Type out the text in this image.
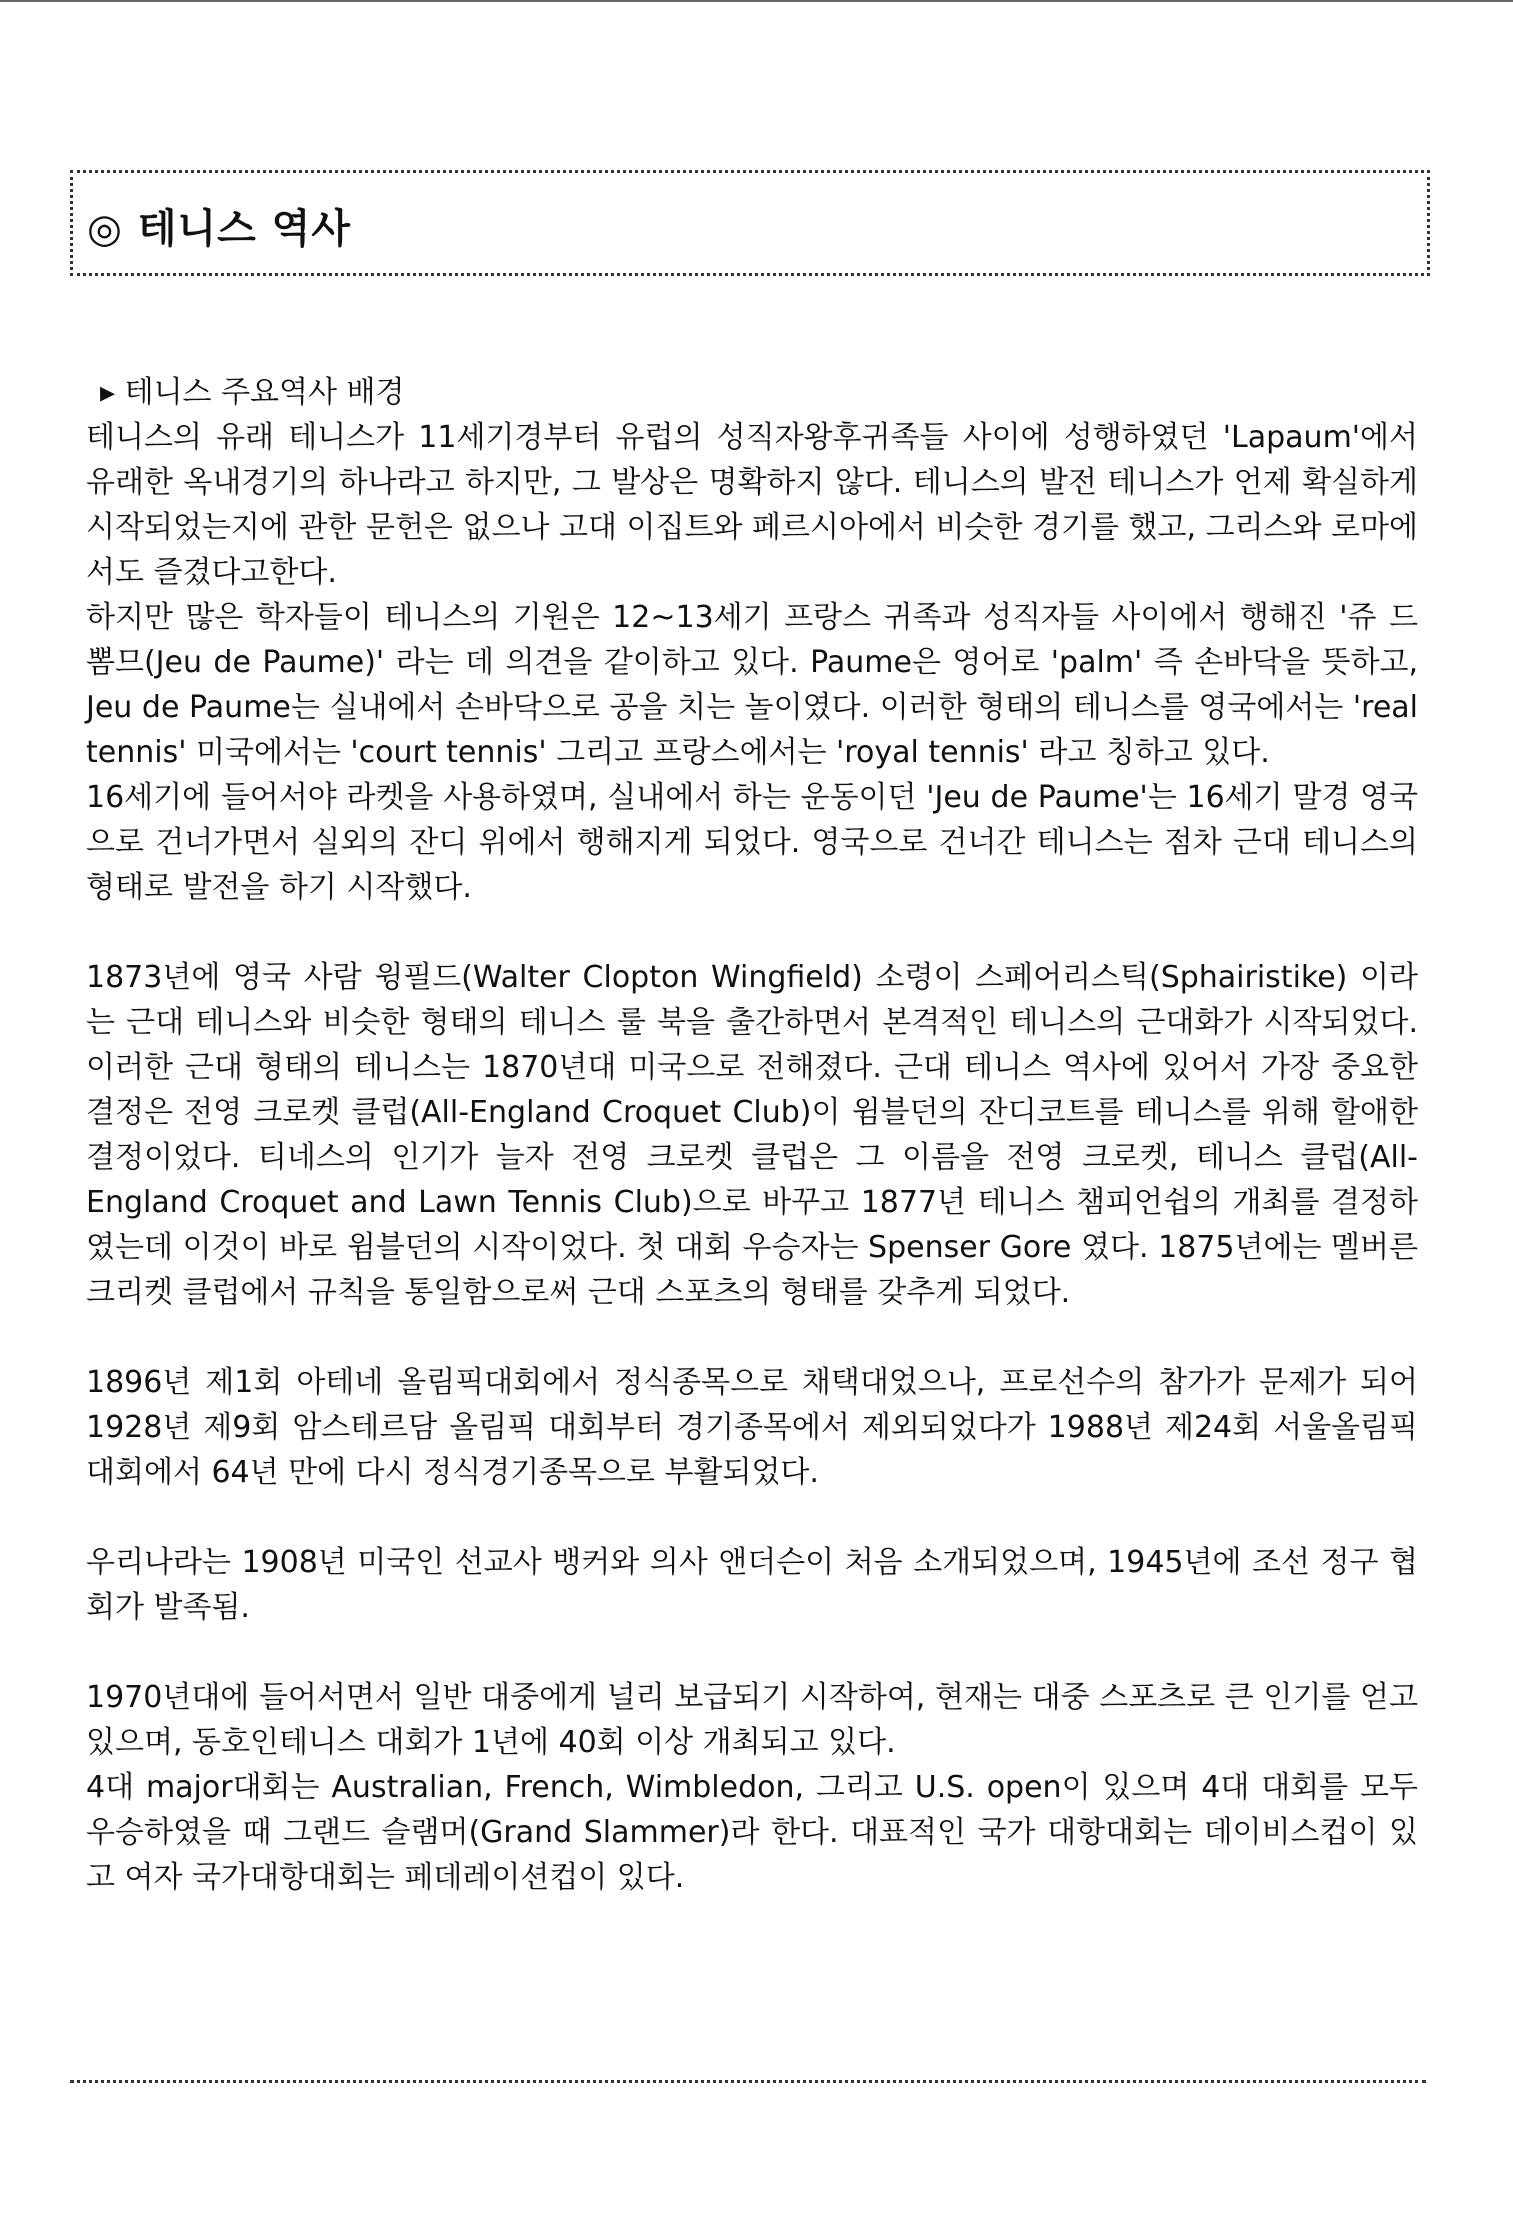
◎ 테니스 역사
▸ 테니스 주요역사 배경

테니스의 유래 테니스가 11세기경부터 유럽의 성직자왕후귀족들 사이에 성행하였던 'Lapaum'에서 유래한 옥내경기의 하나라고 하지만, 그 발상은 명확하지 않다. 테니스의 발전 테니스가 언제 확실하게 시작되었는지에 관한 문헌은 없으나 고대 이집트와 페르시아에서 비슷한 경기를 했고, 그리스와 로마에서도 즐겼다고한다.

하지만 많은 학자들이 테니스의 기원은 12~13세기 프랑스 귀족과 성직자들 사이에서 행해진 '쥬 드 뽐므(Jeu de Paume)' 라는 데 의견을 같이하고 있다. Paume은 영어로 'palm' 즉 손바닥을 뜻하고, Jeu de Paume는 실내에서 손바닥으로 공을 치는 놀이였다. 이러한 형태의 테니스를 영국에서는 'real tennis' 미국에서는 'court tennis' 그리고 프랑스에서는 'royal tennis' 라고 칭하고 있다.

16세기에 들어서야 라켓을 사용하였며, 실내에서 하는 운동이던 'Jeu de Paume'는 16세기 말경 영국으로 건너가면서 실외의 잔디 위에서 행해지게 되었다. 영국으로 건너간 테니스는 점차 근대 테니스의 형태로 발전을 하기 시작했다.

1873년에 영국 사람 윙필드(Walter Clopton Wingfield) 소령이 스페어리스틱(Sphairistike) 이라는 근대 테니스와 비슷한 형태의 테니스 룰 북을 출간하면서 본격적인 테니스의 근대화가 시작되었다. 이러한 근대 형태의 테니스는 1870년대 미국으로 전해졌다. 근대 테니스 역사에 있어서 가장 중요한 결정은 전영 크로켓 클럽(All-England Croquet Club)이 윔블던의 잔디코트를 테니스를 위해 할애한 결정이었다. 티네스의 인기가 늘자 전영 크로켓 클럽은 그 이름을 전영 크로켓, 테니스 클럽(All-England Croquet and Lawn Tennis Club)으로 바꾸고 1877년 테니스 챔피언쉽의 개최를 결정하였는데 이것이 바로 윔블던의 시작이었다. 첫 대회 우승자는 Spenser Gore 였다. 1875년에는 멜버른 크리켓 클럽에서 규칙을 통일함으로써 근대 스포츠의 형태를 갖추게 되었다.

1896년 제1회 아테네 올림픽대회에서 정식종목으로 채택대었으나, 프로선수의 참가가 문제가 되어 1928년 제9회 암스테르담 올림픽 대회부터 경기종목에서 제외되었다가 1988년 제24회 서울올림픽대회에서 64년 만에 다시 정식경기종목으로 부활되었다.

우리나라는 1908년 미국인 선교사 뱅커와 의사 앤더슨이 처음 소개되었으며, 1945년에 조선 정구 협회가 발족됨.

1970년대에 들어서면서 일반 대중에게 널리 보급되기 시작하여, 현재는 대중 스포츠로 큰 인기를 얻고 있으며, 동호인테니스 대회가 1년에 40회 이상 개최되고 있다.

4대 major대회는 Australian, French, Wimbledon, 그리고 U.S. open이 있으며 4대 대회를 모두 우승하였을 때 그랜드 슬램머(Grand Slammer)라 한다. 대표적인 국가 대항대회는 데이비스컵이 있고 여자 국가대항대회는 페데레이션컵이 있다.
